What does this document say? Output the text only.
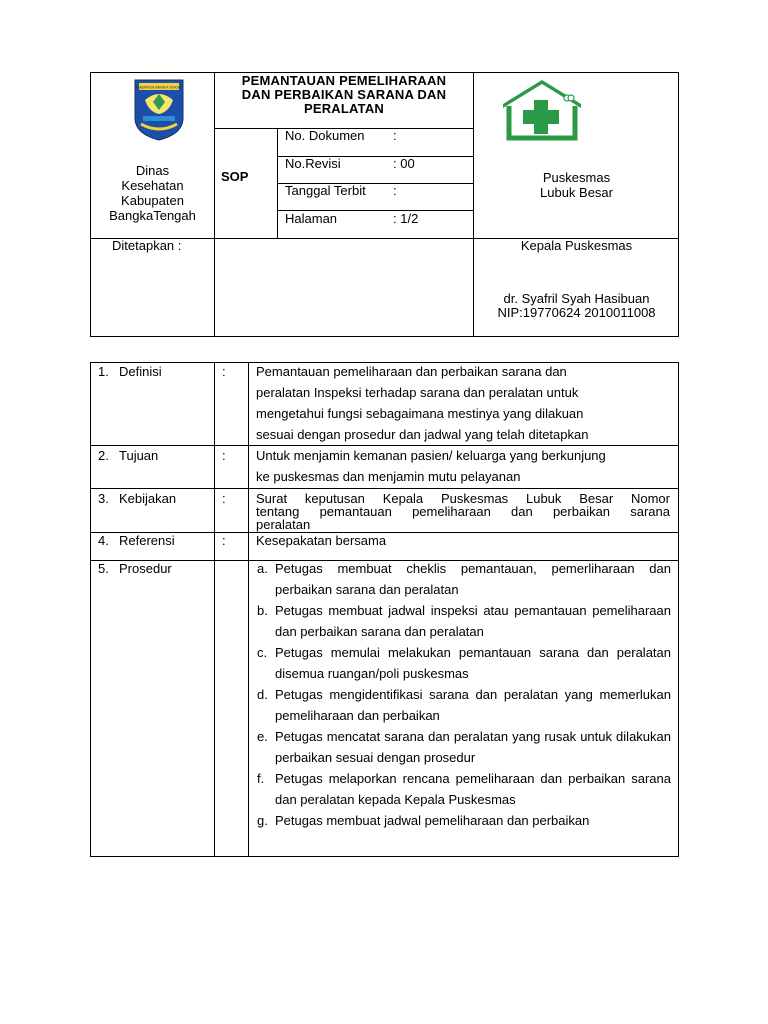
KABUPATEN BANGKA TENGAH
Dinas
Kesehatan
Kabupaten
BangkaTengah
PEMANTAUAN PEMELIHARAAN
DAN PERBAIKAN SARANA DAN
PERALATAN
SOP
No. Dokumen :
No.Revisi	: 00
Tanggal Terbit :
Halaman	: 1/2
Puskesmas
Lubuk Besar
Ditetapkan :	Kepala Puskesmas
dr. Syafril Syah Hasibuan
NIP:19770624 2010011008
1. Definisi	: Pemantauan pemeliharaan dan perbaikan sarana dan
peralatan Inspeksi terhadap sarana dan peralatan untuk
mengetahui fungsi sebagaimana mestinya yang dilakuan
sesuai dengan prosedur dan jadwal yang telah ditetapkan
2. Tujuan	: Untuk menjamin kemanan pasien/ keluarga yang berkunjung
ke puskesmas dan menjamin mutu pelayanan
3. Kebijakan	: Surat keputusan Kepala Puskesmas Lubuk Besar Nomor
tentang pemantauan pemeliharaan dan perbaikan sarana
peralatan
4. Referensi	: Kesepakatan bersama
5. Prosedur	a. Petugas membuat cheklis pemantauan, pemerliharaan dan perbaikan sarana dan peralatan
b. Petugas membuat jadwal inspeksi atau pemantauan pemeliharaan dan perbaikan sarana dan peralatan
c. Petugas memulai melakukan pemantauan sarana dan peralatan disemua ruangan/poli puskesmas
d. Petugas mengidentifikasi sarana dan peralatan yang memerlukan pemeliharaan dan perbaikan
e. Petugas mencatat sarana dan peralatan yang rusak untuk dilakukan perbaikan sesuai dengan prosedur
f. Petugas melaporkan rencana pemeliharaan dan perbaikan sarana dan peralatan kepada Kepala Puskesmas
g. Petugas membuat jadwal pemeliharaan dan perbaikan
